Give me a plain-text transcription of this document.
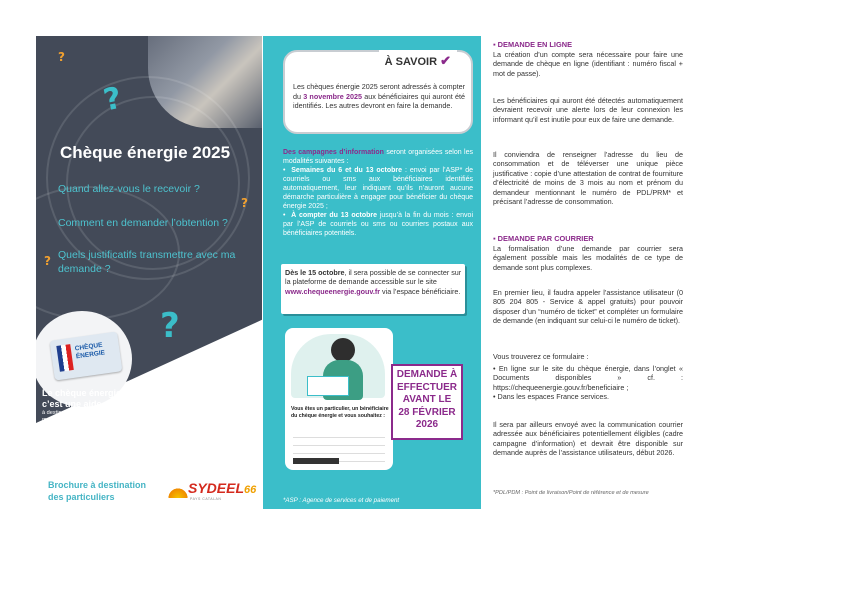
?
?
?
?
?
Chèque énergie 2025
Quand allez-vous le recevoir ?
Comment en demander l’obtention ?
Quels justificatifs transmettre avec ma demande ?
CHÈQUE
ÉNERGIE
Le chèque énergie,
c’est une aide
à destination des ménages
modestes pour payer leurs
factures d’énergie.
Brochure à destination
des particuliers
SYDEEL66
PAYS CATALAN
À SAVOIR ✔
Les chèques énergie 2025 seront adressés à compter du 3 novembre 2025 aux bénéficiaires qui auront été identifiés. Les autres devront en faire la demande.
Des campagnes d’information seront organisées selon les modalités suivantes :
•  Semaines du 6 et du 13 octobre : envoi par l’ASP* de courriels ou sms aux bénéficiaires identifiés automatiquement, leur indiquant qu’ils n’auront aucune démarche particulière à engager pour bénéficier du chèque énergie 2025 ;
•  À compter du 13 octobre jusqu’à la fin du mois : envoi par l’ASP de courriels ou sms ou courriers postaux aux bénéficiaires potentiels.
Dès le 15 octobre, il sera possible de se connecter sur la plateforme de demande accessible sur le site www.chequeenergie.gouv.fr via l’espace bénéficiaire.
Vous êtes un particulier, un bénéficiaire du chèque énergie et vous souhaitez :
DEMANDE À
EFFECTUER
AVANT LE
28 FÉVRIER
2026
*ASP : Agence de services et de paiement

▪ DEMANDE EN LIGNE

La création d’un compte sera nécessaire pour faire une demande de chèque en ligne (identifiant : numéro fiscal + mot de passe).

Les bénéficiaires qui auront été détectés automatiquement devraient recevoir une alerte lors de leur connexion les informant qu’il est inutile pour eux de faire une demande.

Il conviendra de renseigner l’adresse du lieu de consommation et de téléverser une unique pièce justificative : copie d’une attestation de contrat de fourniture d’électricité de moins de 3 mois au nom et prénom du demandeur mentionnant le numéro de PDL/PRM* et précisant l’adresse de consommation.

▪ DEMANDE PAR COURRIER

La formalisation d’une demande par courrier sera également possible mais les modalités de ce type de demande sont plus complexes.

En premier lieu, il faudra appeler l’assistance utilisateur (0 805 204 805 - Service & appel gratuits) pour pouvoir disposer d’un “numéro de ticket” et compléter un formulaire de demande (en indiquant sur celui-ci le numéro de ticket).

Vous trouverez ce formulaire :

• En ligne sur le site du chèque énergie, dans l’onglet « Documents disponibles » cf. : https://chequeenergie.gouv.fr/beneficiaire ;

• Dans les espaces France services.

Il sera par ailleurs envoyé avec la communication courrier adressée aux bénéficiaires potentiellement éligibles (cadre campagne d’information) et devrait être disponible sur demande auprès de l’assistance utilisateurs, début 2026.

*PDL/PDM : Point de livraison/Point de référence et de mesure
